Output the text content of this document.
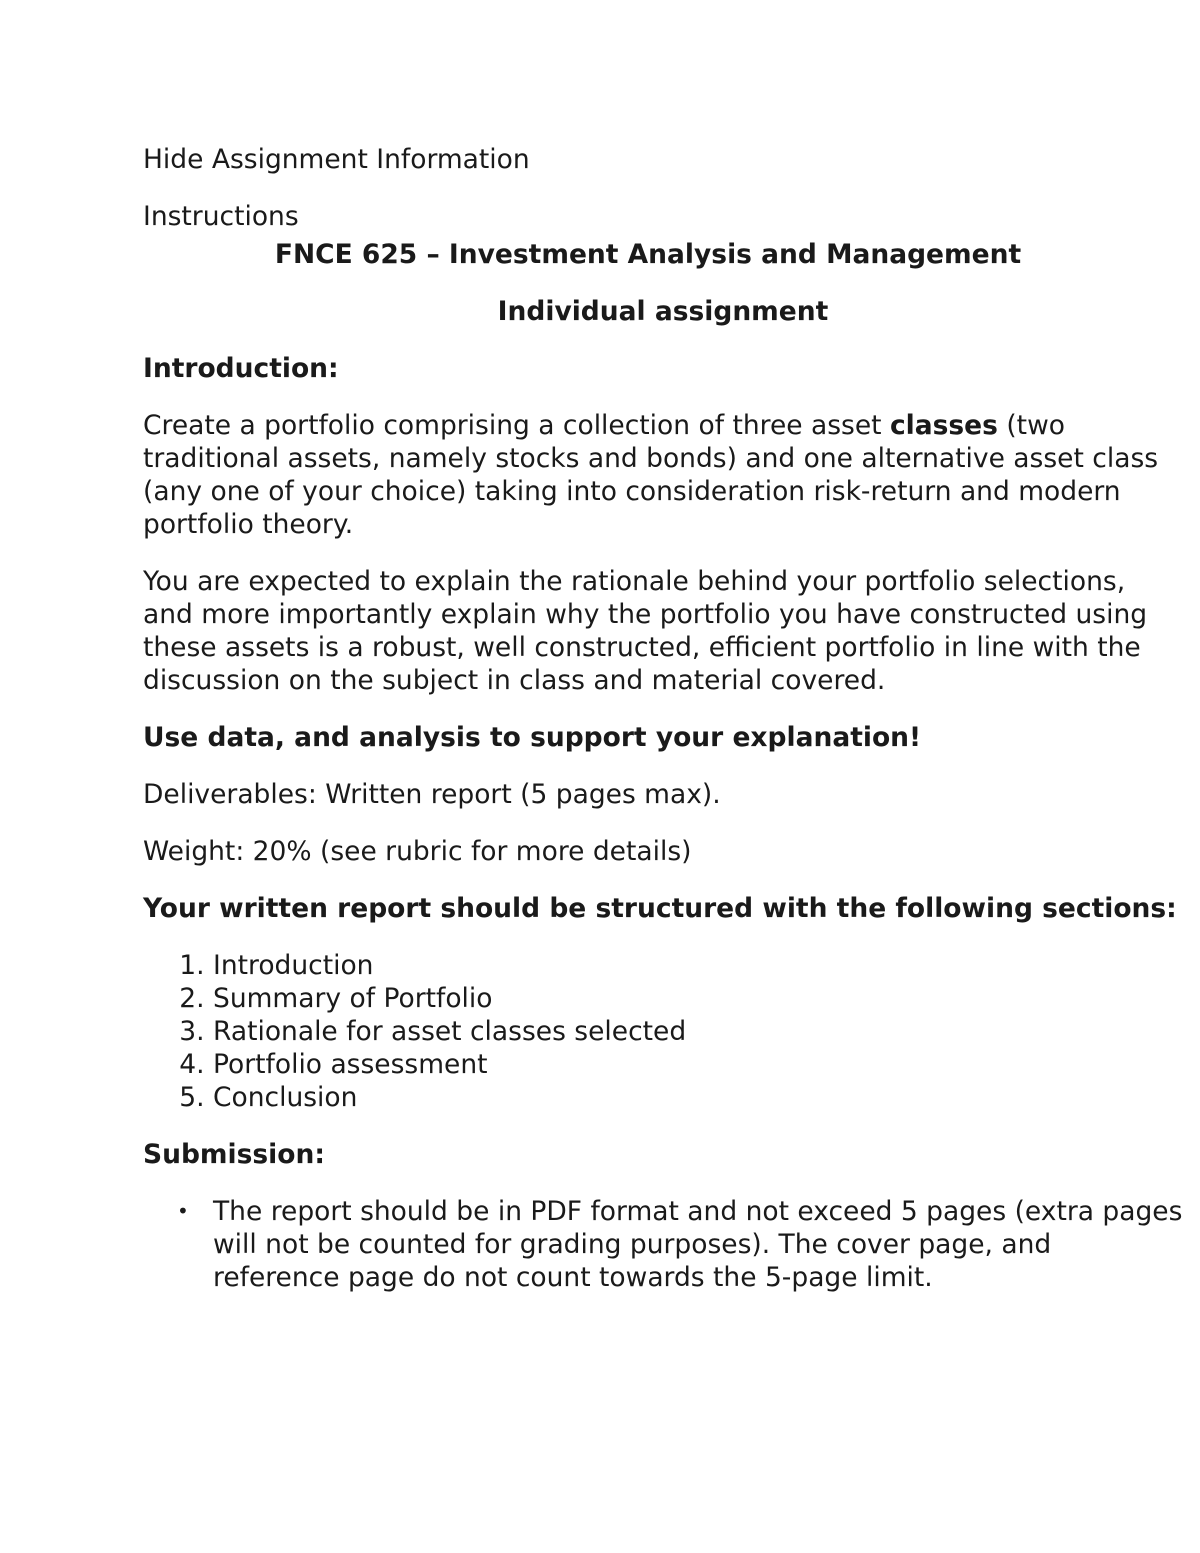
Hide Assignment Information

Instructions

FNCE 625 – Investment Analysis and Management

Individual assignment

Introduction:

Create a portfolio comprising a collection of three asset classes (two traditional assets, namely stocks and bonds) and one alternative asset class (any one of your choice) taking into consideration risk-return and modern portfolio theory.

You are expected to explain the rationale behind your portfolio selections, and more importantly explain why the portfolio you have constructed using these assets is a robust, well constructed, efficient portfolio in line with the discussion on the subject in class and material covered.

Use data, and analysis to support your explanation!

Deliverables: Written report (5 pages max).

Weight: 20% (see rubric for more details)

Your written report should be structured with the following sections:

1. Introduction
2. Summary of Portfolio
3. Rationale for asset classes selected
4. Portfolio assessment
5. Conclusion

Submission:

• The report should be in PDF format and not exceed 5 pages (extra pages will not be counted for grading purposes). The cover page, and reference page do not count towards the 5-page limit.
